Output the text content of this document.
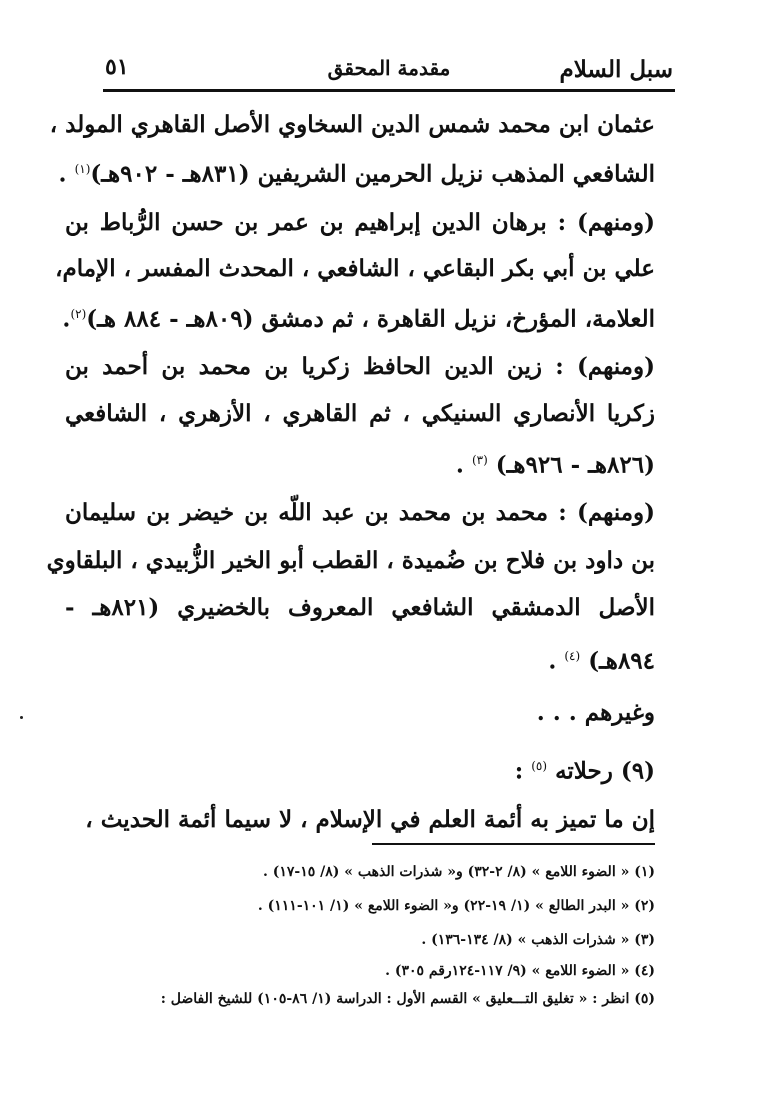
سبل السلام
مقدمة المحقق
٥١
عثمان ابن محمد شمس الدين السخاوي الأصل القاهري المولد ،
الشافعي المذهب نزيل الحرمين الشريفين (٨٣١هـ - ٩٠٢هـ)$^{(١)}$ .
(ومنهم) : برهان الدين إبراهيم بن عمر بن حسن الرُّباط بن
علي بن أبي بكر البقاعي ، الشافعي ، المحدث المفسر ، الإمام،
العلامة، المؤرخ، نزيل القاهرة ، ثم دمشق (٨٠٩هـ - ٨٨٤ هـ)$^{(٢)}$.
(ومنهم) : زين الدين الحافظ زكريا بن محمد بن أحمد بن
زكريا الأنصاري السنيكي ، ثم القاهري ، الأزهري ، الشافعي
(٨٢٦هـ - ٩٢٦هـ) $^{(٣)}$ .
(ومنهم) : محمد بن محمد بن عبد اللّه بن خيضر بن سليمان
بن داود بن فلاح بن ضُميدة ، القطب أبو الخير الزُّبيدي ، البلقاوي
الأصل الدمشقي الشافعي المعروف بالخضيري (٨٢١هـ -
٨٩٤هـ) $^{(٤)}$ .
وغيرهم . . .
(٩) رحلاته $^{(٥)}$ :
إن ما تميز به أئمة العلم في الإسلام ، لا سيما أئمة الحديث ،
(١) « الضوء اللامع » (٨/ ٢-٣٢) و« شذرات الذهب » (٨/ ١٥-١٧) .
(٢) « البدر الطالع » (١/ ١٩-٢٢) و« الضوء اللامع » (١/ ١٠١-١١١) .
(٣) « شذرات الذهب » (٨/ ١٣٤-١٣٦) .
(٤) « الضوء اللامع » (٩/ ١١٧-١٢٤رقم ٣٠٥) .
(٥) انظر : « تغليق التـــعليق » القسم الأول : الدراسة (١/ ٨٦-١٠٥) للشيخ الفاضل :
